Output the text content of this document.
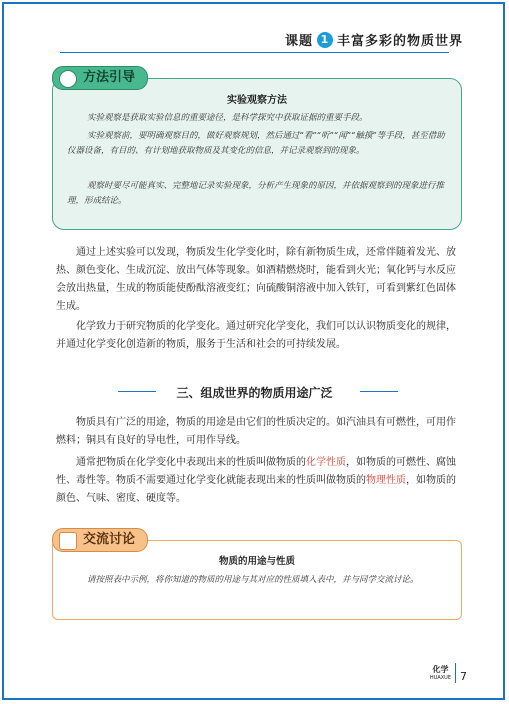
课题 1 丰富多彩的物质世界
实验观察方法
实验观察是获取实验信息的重要途径，是科学探究中获取证据的重要手段。
实验观察前，要明确观察目的，做好观察规划，然后通过“看”“听”“闻”“触摸”等手段，甚至借助仪器设备，有目的、有计划地获取物质及其变化的信息，并记录观察到的现象。
观察时要尽可能真实、完整地记录实验现象，分析产生现象的原因，并依据观察到的现象进行推理，形成结论。
方法引导
通过上述实验可以发现，物质发生化学变化时，除有新物质生成，还常伴随着发光、放热、颜色变化、生成沉淀、放出气体等现象。如酒精燃烧时，能看到火光；氧化钙与水反应会放出热量，生成的物质能使酚酞溶液变红；向硫酸铜溶液中加入铁钉，可看到紫红色固体生成。
化学致力于研究物质的化学变化。通过研究化学变化，我们可以认识物质变化的规律，并通过化学变化创造新的物质，服务于生活和社会的可持续发展。
三、组成世界的物质用途广泛
物质具有广泛的用途，物质的用途是由它们的性质决定的。如汽油具有可燃性，可用作燃料；铜具有良好的导电性，可用作导线。
通常把物质在化学变化中表现出来的性质叫做物质的化学性质，如物质的可燃性、腐蚀性、毒性等。物质不需要通过化学变化就能表现出来的性质叫做物质的物理性质，如物质的颜色、气味、密度、硬度等。
物质的用途与性质
请按照表中示例，将你知道的物质的用途与其对应的性质填入表中，并与同学交流讨论。
交流讨论
化学
HUAXUE 7
